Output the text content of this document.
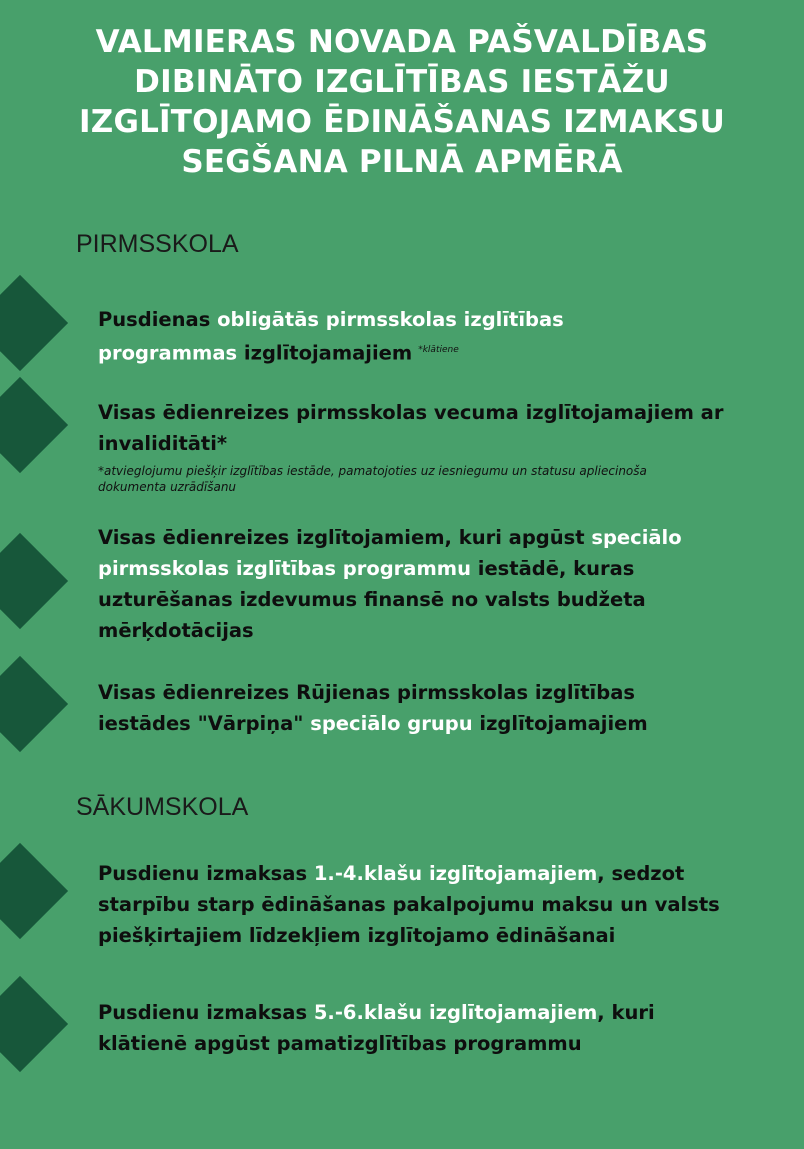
VALMIERAS NOVADA PAŠVALDĪBAS
DIBINĀTO IZGLĪTĪBAS IESTĀŽU
IZGLĪTOJAMO ĒDINĀŠANAS IZMAKSU
SEGŠANA PILNĀ APMĒRĀ
PIRMSSKOLA
Pusdienas obligātās pirmsskolas izglītības programmas izglītojamajiem $^{*klātiene}$
Visas ēdienreizes pirmsskolas vecuma izglītojamajiem ar invaliditāti*
*atvieglojumu piešķir izglītības iestāde, pamatojoties uz iesniegumu un statusu apliecinoša dokumenta uzrādīšanu
Visas ēdienreizes izglītojamiem, kuri apgūst speciālo pirmsskolas izglītības programmu iestādē, kuras uzturēšanas izdevumus finansē no valsts budžeta mērķdotācijas
Visas ēdienreizes Rūjienas pirmsskolas izglītības iestādes "Vārpiņa" speciālo grupu izglītojamajiem
SĀKUMSKOLA
Pusdienu izmaksas 1.-4.klašu izglītojamajiem, sedzot starpību starp ēdināšanas pakalpojumu maksu un valsts piešķirtajiem līdzekļiem izglītojamo ēdināšanai
Pusdienu izmaksas 5.-6.klašu izglītojamajiem, kuri klātienē apgūst pamatizglītības programmu
